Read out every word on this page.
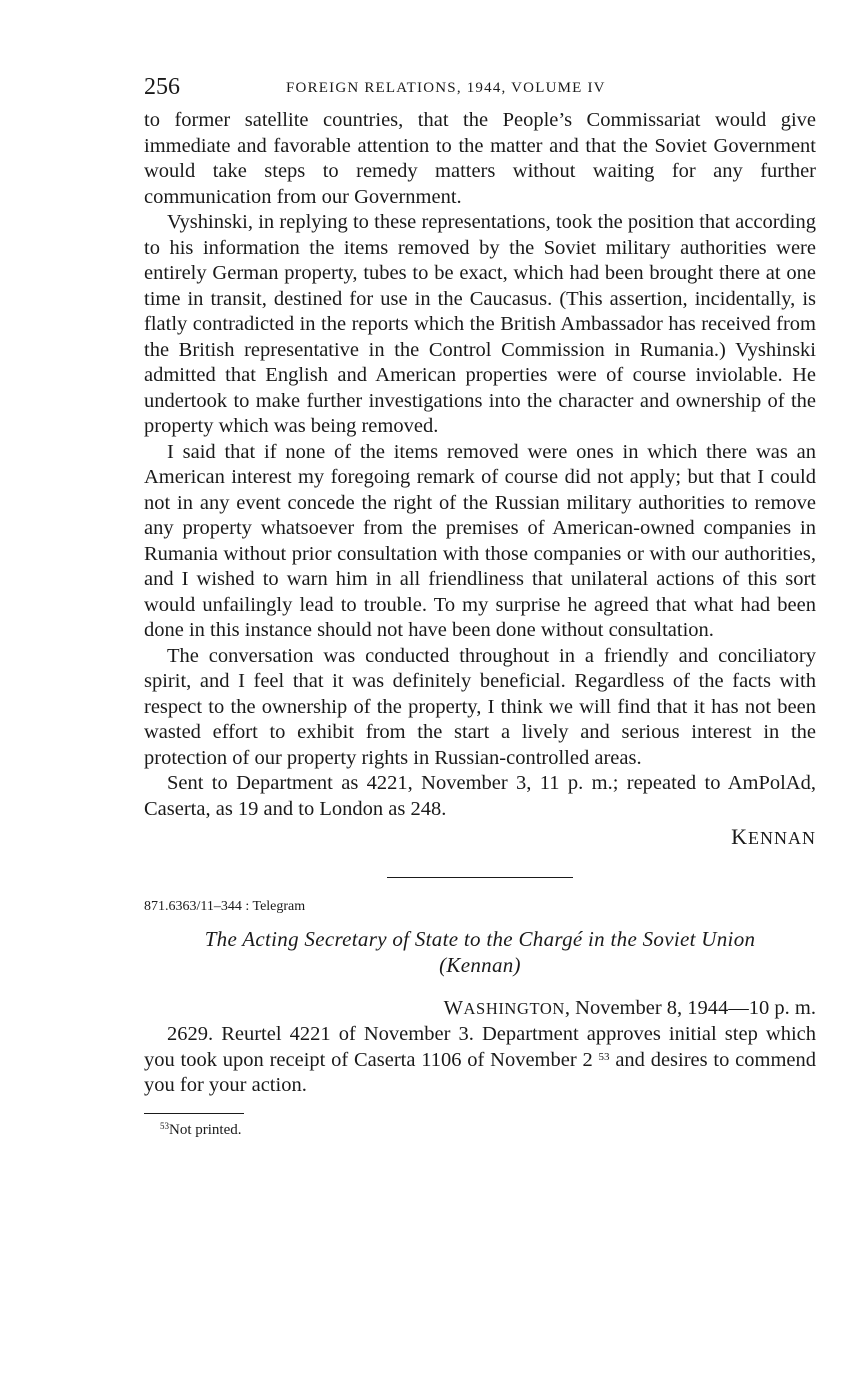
256	FOREIGN RELATIONS, 1944, VOLUME IV

to former satellite countries, that the People’s Commissariat would give immediate and favorable attention to the matter and that the Soviet Government would take steps to remedy matters without waiting for any further communication from our Government.

Vyshinski, in replying to these representations, took the position that according to his information the items removed by the Soviet military authorities were entirely German property, tubes to be exact, which had been brought there at one time in transit, destined for use in the Caucasus. (This assertion, incidentally, is flatly contradicted in the reports which the British Ambassador has received from the British representative in the Control Commission in Rumania.) Vyshinski admitted that English and American properties were of course inviolable. He undertook to make further investigations into the character and ownership of the property which was being removed.

I said that if none of the items removed were ones in which there was an American interest my foregoing remark of course did not apply; but that I could not in any event concede the right of the Russian military authorities to remove any property whatsoever from the premises of American-owned companies in Rumania without prior consultation with those companies or with our authorities, and I wished to warn him in all friendliness that unilateral actions of this sort would unfailingly lead to trouble. To my surprise he agreed that what had been done in this instance should not have been done without consultation.

The conversation was conducted throughout in a friendly and conciliatory spirit, and I feel that it was definitely beneficial. Regardless of the facts with respect to the ownership of the property, I think we will find that it has not been wasted effort to exhibit from the start a lively and serious interest in the protection of our property rights in Russian-controlled areas.

Sent to Department as 4221, November 3, 11 p. m.; repeated to AmPolAd, Caserta, as 19 and to London as 248.

KENNAN
871.6363/11–344 : Telegram
The Acting Secretary of State to the Chargé in the Soviet Union
(Kennan)
WASHINGTON, November 8, 1944—10 p. m.

2629. Reurtel 4221 of November 3. Department approves initial step which you took upon receipt of Caserta 1106 of November 2 $^{53}$ and desires to commend you for your action.

$^{53}$Not printed.
